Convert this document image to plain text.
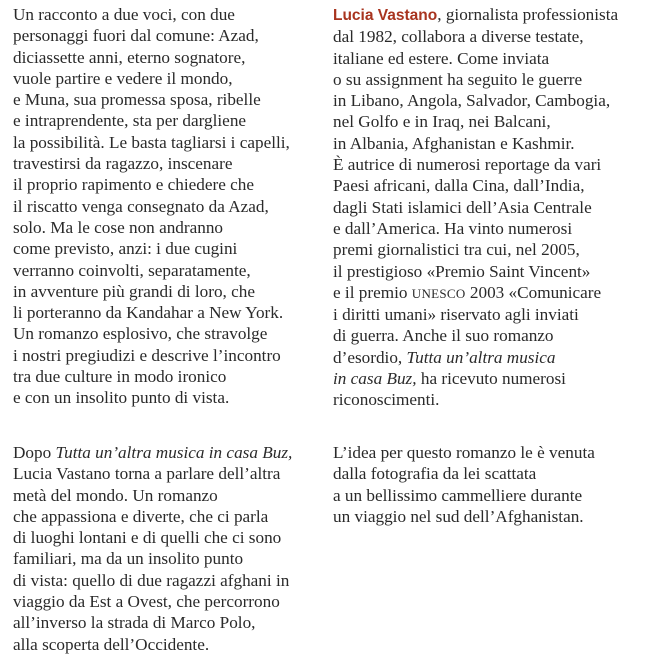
Un racconto a due voci, con due
personaggi fuori dal comune: Azad,
diciassette anni, eterno sognatore,
vuole partire e vedere il mondo,
e Muna, sua promessa sposa, ribelle
e intraprendente, sta per dargliene
la possibilità. Le basta tagliarsi i capelli,
travestirsi da ragazzo, inscenare
il proprio rapimento e chiedere che
il riscatto venga consegnato da Azad,
solo. Ma le cose non andranno
come previsto, anzi: i due cugini
verranno coinvolti, separatamente,
in avventure più grandi di loro, che
li porteranno da Kandahar a New York.
Un romanzo esplosivo, che stravolge
i nostri pregiudizi e descrive l’incontro
tra due culture in modo ironico
e con un insolito punto di vista.
Dopo Tutta un’altra musica in casa Buz,
Lucia Vastano torna a parlare dell’altra
metà del mondo. Un romanzo
che appassiona e diverte, che ci parla
di luoghi lontani e di quelli che ci sono
familiari, ma da un insolito punto
di vista: quello di due ragazzi afghani in
viaggio da Est a Ovest, che percorrono
all’inverso la strada di Marco Polo,
alla scoperta dell’Occidente.
Lucia Vastano, giornalista professionista
dal 1982, collabora a diverse testate,
italiane ed estere. Come inviata
o su assignment ha seguito le guerre
in Libano, Angola, Salvador, Cambogia,
nel Golfo e in Iraq, nei Balcani,
in Albania, Afghanistan e Kashmir.
È autrice di numerosi reportage da vari
Paesi africani, dalla Cina, dall’India,
dagli Stati islamici dell’Asia Centrale
e dall’America. Ha vinto numerosi
premi giornalistici tra cui, nel 2005,
il prestigioso «Premio Saint Vincent»
e il premio UNESCO 2003 «Comunicare
i diritti umani» riservato agli inviati
di guerra. Anche il suo romanzo
d’esordio, Tutta un’altra musica
in casa Buz, ha ricevuto numerosi
riconoscimenti.
L’idea per questo romanzo le è venuta
dalla fotografia da lei scattata
a un bellissimo cammelliere durante
un viaggio nel sud dell’Afghanistan.
